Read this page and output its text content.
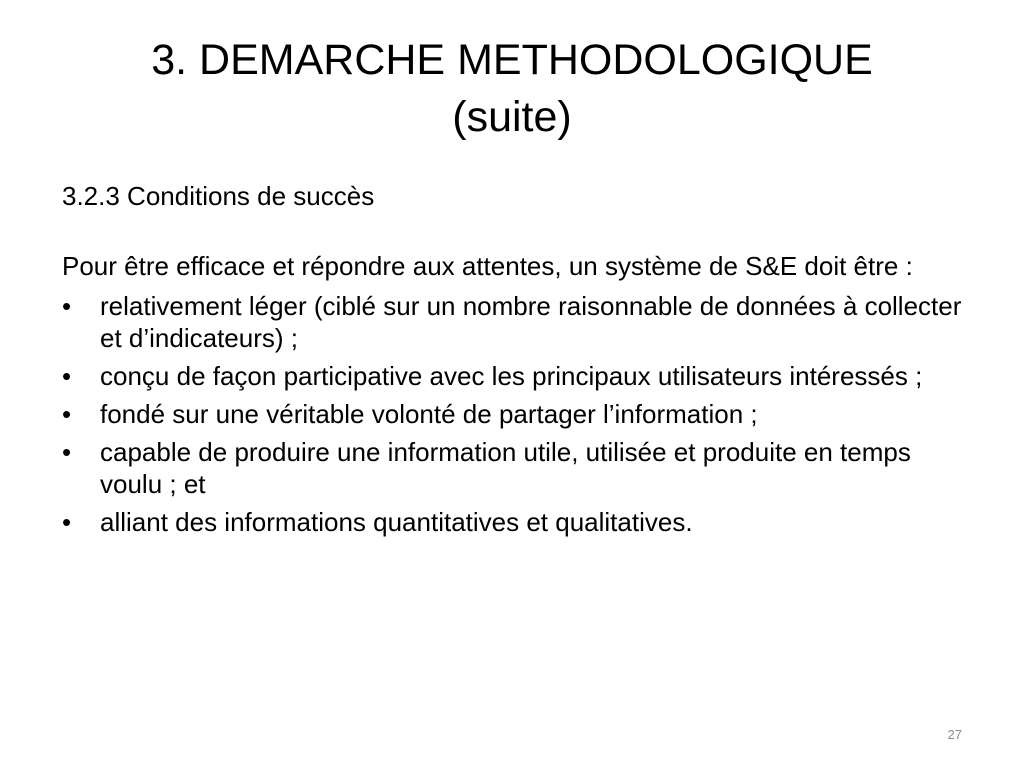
3. DEMARCHE METHODOLOGIQUE
(suite)
3.2.3 Conditions de succès
Pour être efficace et répondre aux attentes, un système de S&E doit être :
•	relativement léger (ciblé sur un nombre raisonnable de données à collecter et d’indicateurs) ;
•	conçu de façon participative avec les principaux utilisateurs intéressés ;
•	fondé sur une véritable volonté de partager l’information ;
•	capable de produire une information utile, utilisée et produite en temps voulu ; et
•	alliant des informations quantitatives et qualitatives.
27
